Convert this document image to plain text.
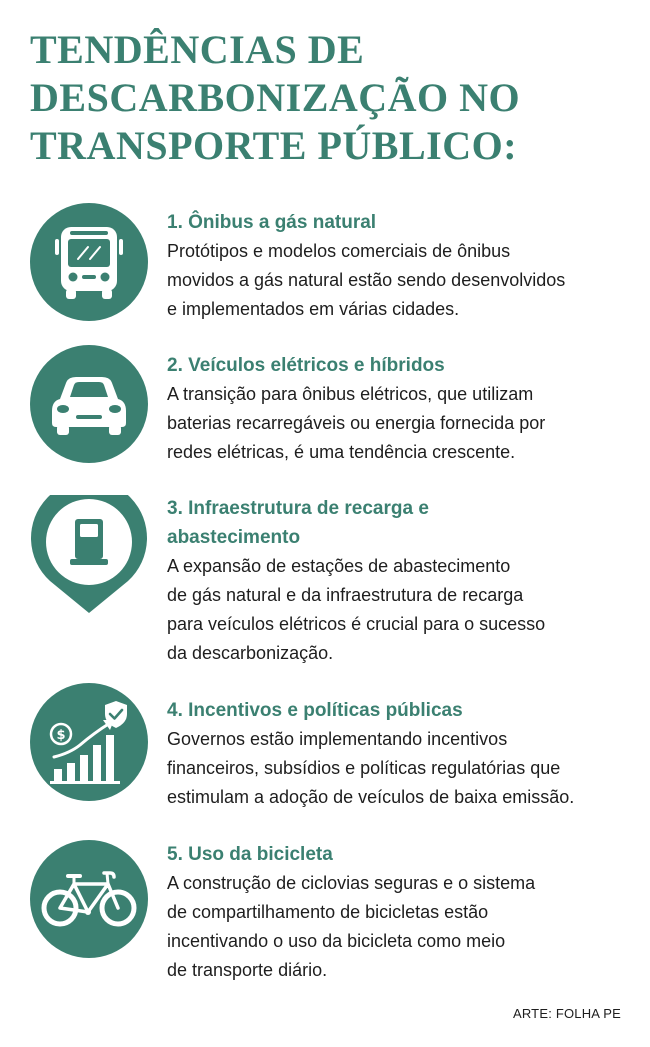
TENDÊNCIAS DE
DESCARBONIZAÇÃO NO
TRANSPORTE PÚBLICO:
1. Ônibus a gás natural
Protótipos e modelos comerciais de ônibus
movidos a gás natural estão sendo desenvolvidos
e implementados em várias cidades.
2. Veículos elétricos e híbridos
A transição para ônibus elétricos, que utilizam
baterias recarregáveis ou energia fornecida por
redes elétricas, é uma tendência crescente.
3. Infraestrutura de recarga e
abastecimento
A expansão de estações de abastecimento
de gás natural e da infraestrutura de recarga
para veículos elétricos é crucial para o sucesso
da descarbonização.
$
4. Incentivos e políticas públicas
Governos estão implementando incentivos
financeiros, subsídios e políticas regulatórias que
estimulam a adoção de veículos de baixa emissão.
5. Uso da bicicleta
A construção de ciclovias seguras e o sistema
de compartilhamento de bicicletas estão
incentivando o uso da bicicleta como meio
de transporte diário.
ARTE: FOLHA PE
